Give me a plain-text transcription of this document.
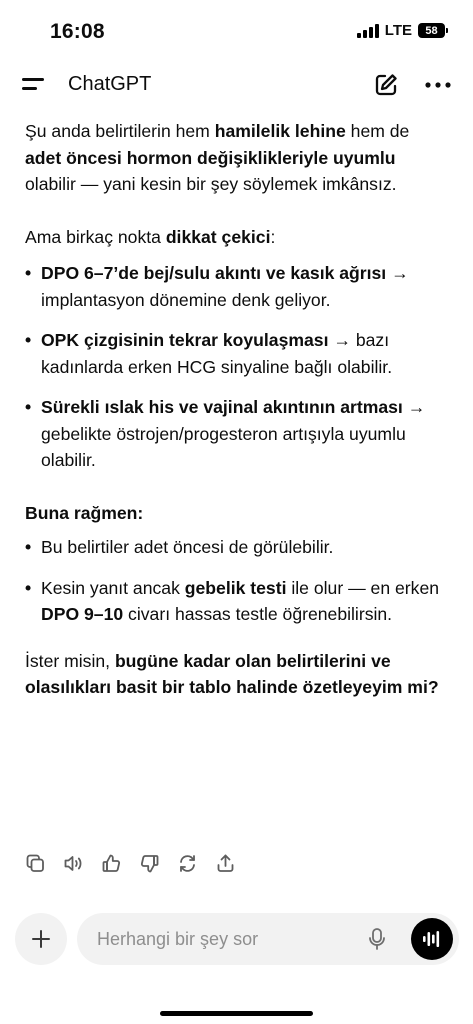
16:08	LTE 58
ChatGPT

Şu anda belirtilerin hem hamilelik lehine hem de adet öncesi hormon değişiklikleriyle uyumlu olabilir — yani kesin bir şey söylemek imkânsız.

Ama birkaç nokta dikkat çekici:

• DPO 6–7’de bej/sulu akıntı ve kasık ağrısı → implantasyon dönemine denk geliyor.
• OPK çizgisinin tekrar koyulaşması → bazı kadınlarda erken HCG sinyaline bağlı olabilir.
• Sürekli ıslak his ve vajinal akıntının artması → gebelikte östrojen/progesteron artışıyla uyumlu olabilir.

Buna rağmen:

• Bu belirtiler adet öncesi de görülebilir.
• Kesin yanıt ancak gebelik testi ile olur — en erken DPO 9–10 civarı hassas testle öğrenebilirsin.

İster misin, bugüne kadar olan belirtilerini ve olasılıkları basit bir tablo halinde özetleyeyim mi?

Herhangi bir şey sor
